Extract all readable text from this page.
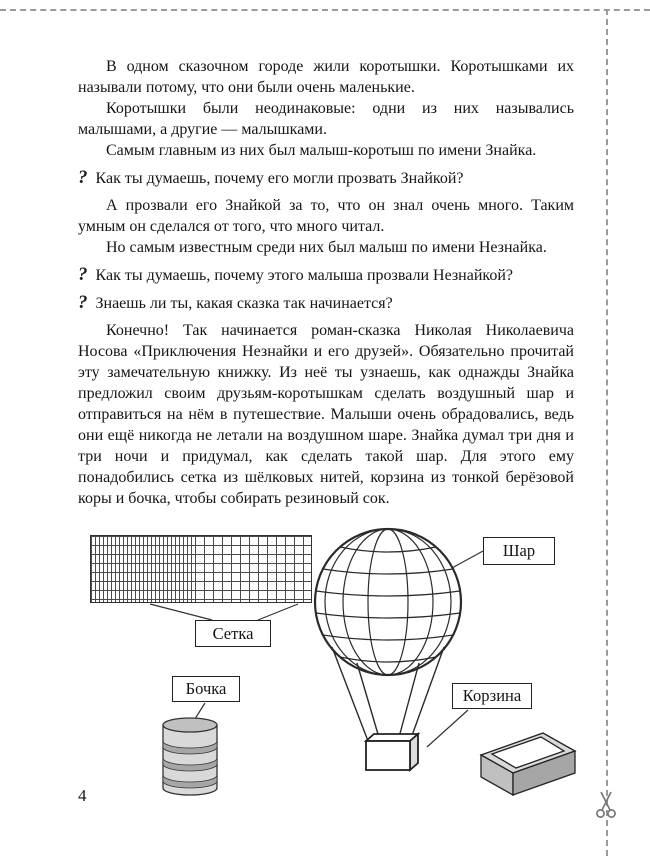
В одном сказочном городе жили коротышки. Коротышками их называли потому, что они были очень маленькие.

Коротышки были неодинаковые: одни из них назывались малышами, а другие — малышками.

Самым главным из них был малыш-коротыш по имени Знайка.

? Как ты думаешь, почему его могли прозвать Знайкой?

А прозвали его Знайкой за то, что он знал очень много. Таким умным он сделался от того, что много читал.

Но самым известным среди них был малыш по имени Незнайка.

? Как ты думаешь, почему этого малыша прозвали Незнайкой?

? Знаешь ли ты, какая сказка так начинается?

Конечно! Так начинается роман-сказка Николая Николаевича Носова «Приключения Незнайки и его друзей». Обязательно прочитай эту замечательную книжку. Из неё ты узнаешь, как однажды Знайка предложил своим друзьям-коротышкам сделать воздушный шар и отправиться на нём в путешествие. Малыши очень обрадовались, ведь они ещё никогда не летали на воздушном шаре. Знайка думал три дня и три ночи и придумал, как сделать такой шар. Для этого ему понадобились сетка из шёлковых нитей, корзина из тонкой берёзовой коры и бочка, чтобы собирать резиновый сок.

Сетка
Шар
Бочка	Корзина
4
